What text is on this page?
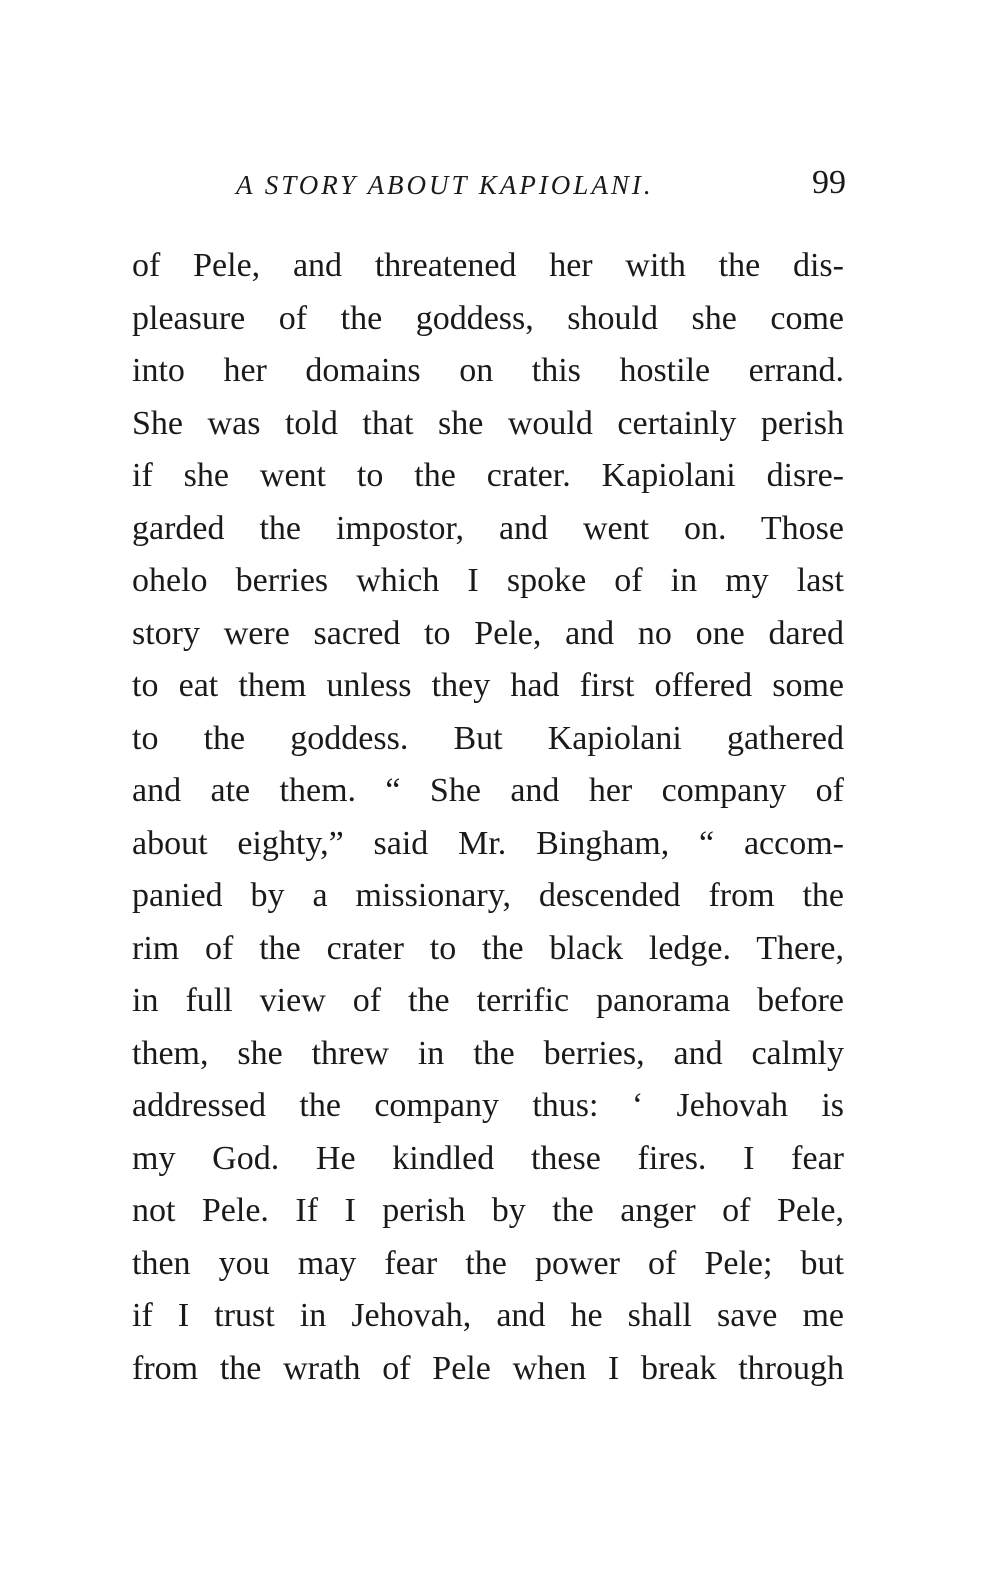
A STORY ABOUT KAPIOLANI.	99
of Pele, and threatened her with the dis-
pleasure of the goddess, should she come
into her domains on this hostile errand.
She was told that she would certainly perish
if she went to the crater. Kapiolani disre-
garded the impostor, and went on. Those
ohelo berries which I spoke of in my last
story were sacred to Pele, and no one dared
to eat them unless they had first offered some
to the goddess. But Kapiolani gathered
and ate them. “ She and her company of
about eighty,” said Mr. Bingham, “ accom-
panied by a missionary, descended from the
rim of the crater to the black ledge. There,
in full view of the terrific panorama before
them, she threw in the berries, and calmly
addressed the company thus: ‘ Jehovah is
my God. He kindled these fires. I fear
not Pele. If I perish by the anger of Pele,
then you may fear the power of Pele; but
if I trust in Jehovah, and he shall save me
from the wrath of Pele when I break through
